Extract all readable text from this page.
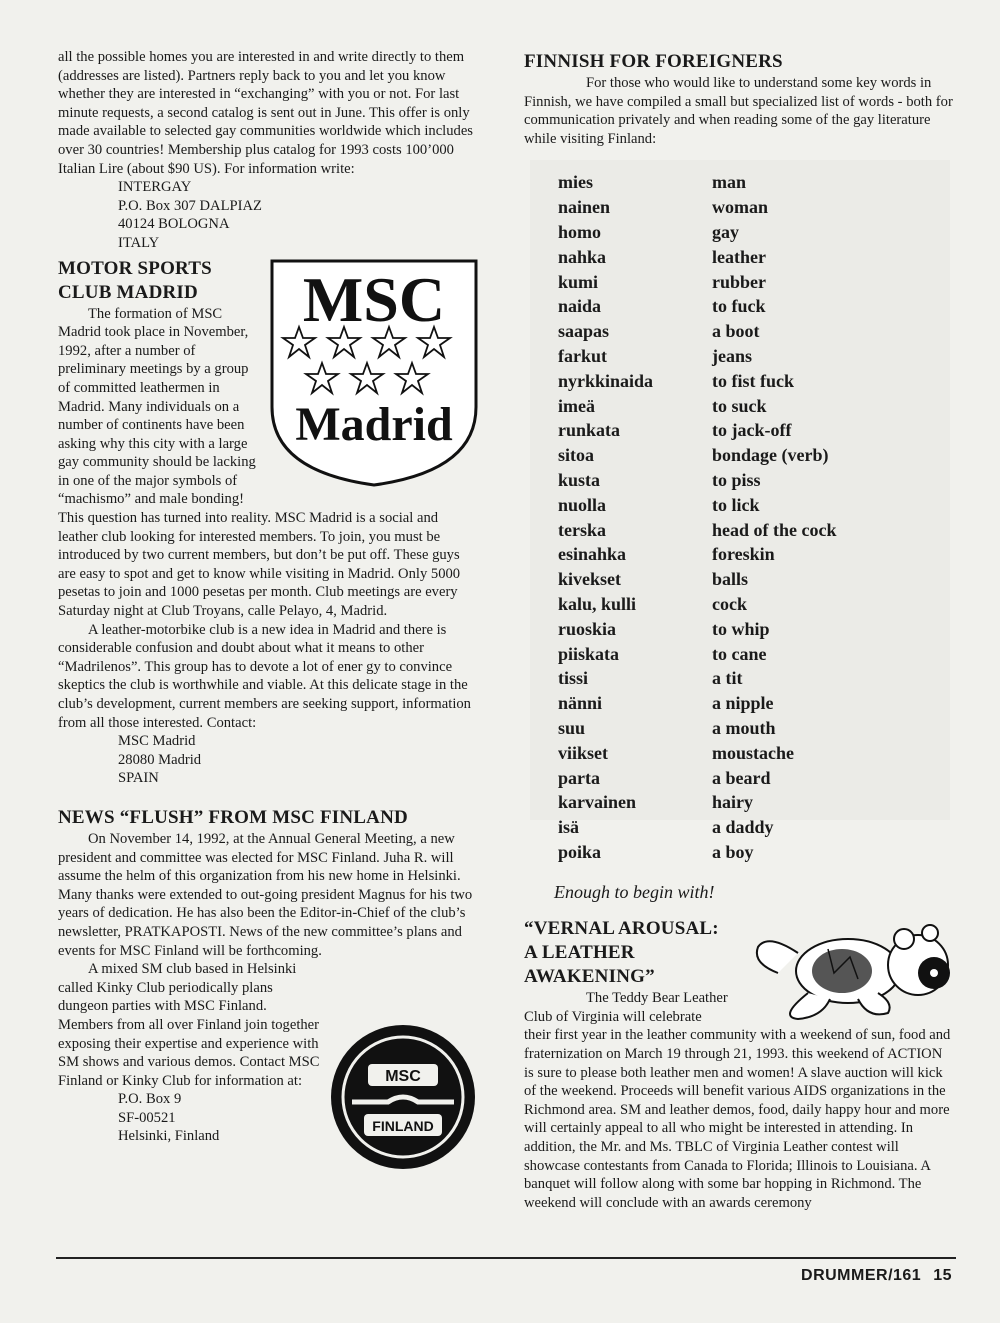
all the possible homes you are interested in and write directly to them (addresses are listed). Partners reply back to you and let you know whether they are interested in “exchanging” with you or not. For last minute requests, a second catalog is sent out in June. This offer is only made available to selected gay communities worldwide which includes over 30 countries! Membership plus catalog for 1993 costs 100’000 Italian Lire (about $90 US). For information write:

INTERGAY
P.O. Box 307 DALPIAZ
40124 BOLOGNA
ITALY
MSC
Madrid
MOTOR SPORTS
CLUB MADRID

The formation of MSC Madrid took place in November, 1992, after a number of preliminary meetings by a group of committed leathermen in Madrid. Many individuals on a number of continents have been asking why this city with a large gay community should be lacking in one of the major symbols of “machismo” and male bonding! This question has turned into reality. MSC Madrid is a social and leather club looking for interested members. To join, you must be introduced by two current members, but don’t be put off. These guys are easy to spot and get to know while visiting in Madrid. Only 5000 pesetas to join and 1000 pesetas per month. Club meetings are every Saturday night at Club Troyans, calle Pelayo, 4, Madrid.

A leather-motorbike club is a new idea in Madrid and there is considerable confusion and doubt about what it means to other “Madrilenos”. This group has to devote a lot of ener gy to convince skeptics the club is worthwhile and viable. At this delicate stage in the club’s development, current members are seeking support, information from all those interested. Contact:

MSC Madrid
28080 Madrid
SPAIN
NEWS “FLUSH” FROM MSC FINLAND

On November 14, 1992, at the Annual General Meeting, a new president and committee was elected for MSC Finland. Juha R. will assume the helm of this organization from his new home in Helsinki. Many thanks were extended to out-going president Magnus for his two years of dedication. He has also been the Editor-in-Chief of the club’s newsletter, PRATKAPOSTI. News of the new committee’s plans and events for MSC Finland will be forthcoming.

MSC
FINLAND

A mixed SM club based in Helsinki called Kinky Club periodically plans dungeon parties with MSC Finland. Members from all over Finland join together exposing their expertise and experience with SM shows and various demos. Contact MSC Finland or Kinky Club for information at:

P.O. Box 9
SF-00521
Helsinki, Finland
FINNISH FOR FOREIGNERS

For those who would like to understand some key words in Finnish, we have compiled a small but specialized list of words - both for communication privately and when reading some of the gay literature while visiting Finland:

mies	man
nainen	woman
homo	gay
nahka	leather
kumi	rubber
naida	to fuck
saapas	a boot
farkut	jeans
nyrkkinaida	to fist fuck
imeä	to suck
runkata	to jack-off
sitoa	bondage (verb)
kusta	to piss
nuolla	to lick
terska	head of the cock
esinahka	foreskin
kivekset	balls
kalu, kulli	cock
ruoskia	to whip
piiskata	to cane
tissi	a tit
nänni	a nipple
suu	a mouth
viikset	moustache
parta	a beard
karvainen	hairy
isä	a daddy
poika	a boy

Enough to begin with!

“VERNAL AROUSAL:
A LEATHER
AWAKENING”

The Teddy Bear Leather Club of Virginia will celebrate their first year in the leather community with a weekend of sun, food and fraternization on March 19 through 21, 1993. this weekend of ACTION is sure to please both leather men and women! A slave auction will kick of the weekend. Proceeds will benefit various AIDS organizations in the Richmond area. SM and leather demos, food, daily happy hour and more will certainly appeal to all who might be interested in attending. In addition, the Mr. and Ms. TBLC of Virginia Leather contest will showcase contestants from Canada to Florida; Illinois to Louisiana. A banquet will follow along with some bar hopping in Richmond. The weekend will conclude with an awards ceremony

DRUMMER/161 15
